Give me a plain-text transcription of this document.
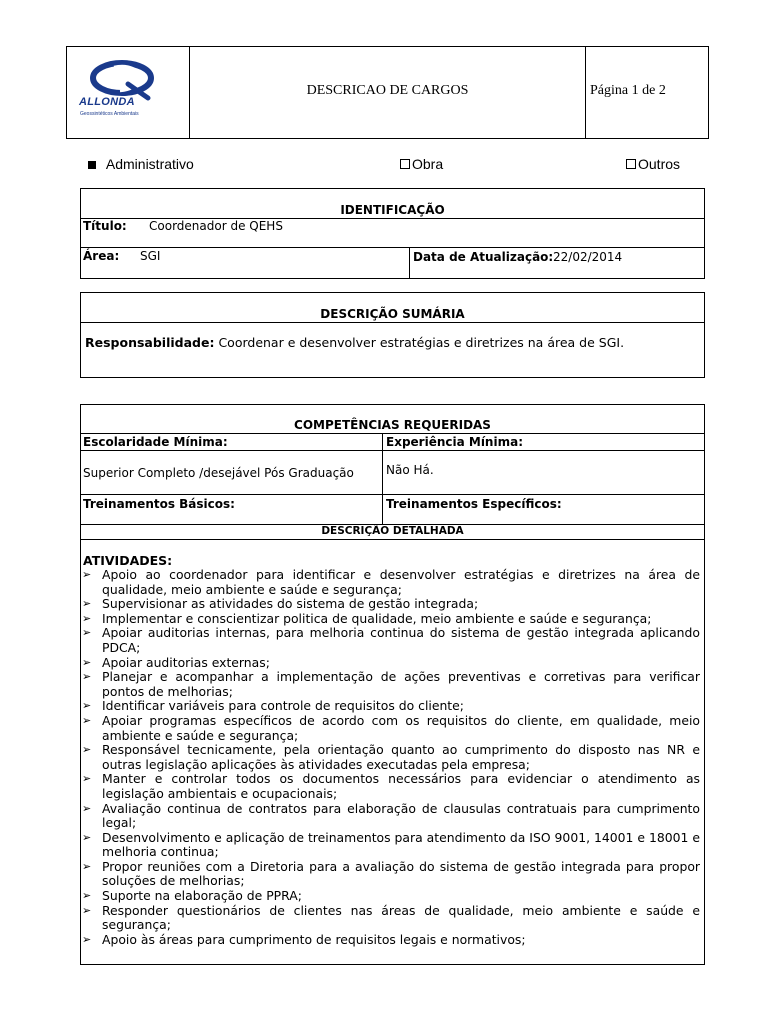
ALLONDA
Geossintéticos Ambientais
DESCRICAO DE CARGOS	Página 1 de 2
Administrativo	Obra	Outros
IDENTIFICAÇÃO
Título: Coordenador de QEHS
Área: SGI	Data de Atualização: 22/02/2014
DESCRIÇÃO SUMÁRIA
Responsabilidade: Coordenar e desenvolver estratégias e diretrizes na área de SGI.
COMPETÊNCIAS REQUERIDAS
Escolaridade Mínima:	Experiência Mínima:
Superior Completo /desejável Pós Graduação	Não Há.
Treinamentos Básicos:	Treinamentos Específicos:
DESCRIÇÃO DETALHADA
ATIVIDADES:
➢ Apoio ao coordenador para identificar e desenvolver estratégias e diretrizes na área de qualidade, meio ambiente e saúde e segurança;
➢ Supervisionar as atividades do sistema de gestão integrada;
➢ Implementar e conscientizar politica de qualidade, meio ambiente e saúde e segurança;
➢ Apoiar auditorias internas, para melhoria continua do sistema de gestão integrada aplicando PDCA;
➢ Apoiar auditorias externas;
➢ Planejar e acompanhar a implementação de ações preventivas e corretivas para verificar pontos de melhorias;
➢ Identificar variáveis para controle de requisitos do cliente;
➢ Apoiar programas específicos de acordo com os requisitos do cliente, em qualidade, meio ambiente e saúde e segurança;
➢ Responsável tecnicamente, pela orientação quanto ao cumprimento do disposto nas NR e outras legislação aplicações às atividades executadas pela empresa;
➢ Manter e controlar todos os documentos necessários para evidenciar o atendimento as legislação ambientais e ocupacionais;
➢ Avaliação continua de contratos para elaboração de clausulas contratuais para cumprimento legal;
➢ Desenvolvimento e aplicação de treinamentos para atendimento da ISO 9001, 14001 e 18001 e melhoria continua;
➢ Propor reuniões com a Diretoria para a avaliação do sistema de gestão integrada para propor soluções de melhorias;
➢ Suporte na elaboração de PPRA;
➢ Responder questionários de clientes nas áreas de qualidade, meio ambiente e saúde e segurança;
➢ Apoio às áreas para cumprimento de requisitos legais e normativos;
